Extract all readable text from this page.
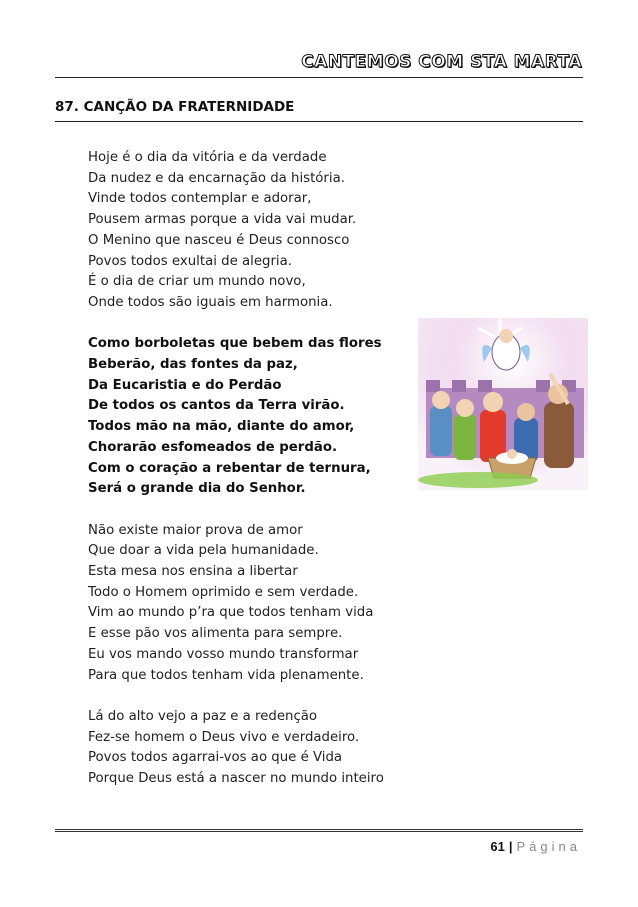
CANTEMOS COM STA MARTA
87. CANÇÃO DA FRATERNIDADE
Hoje é o dia da vitória e da verdade
Da nudez e da encarnação da história.
Vinde todos contemplar e adorar,
Pousem armas porque a vida vai mudar.
O Menino que nasceu é Deus connosco
Povos todos exultai de alegria.
É o dia de criar um mundo novo,
Onde todos são iguais em harmonia.
Como borboletas que bebem das flores
Beberão, das fontes da paz,
Da Eucaristia e do Perdão
De todos os cantos da Terra virão.
Todos mão na mão, diante do amor,
Chorarão esfomeados de perdão.
Com o coração a rebentar de ternura,
Será o grande dia do Senhor.
Não existe maior prova de amor
Que doar a vida pela humanidade.
Esta mesa nos ensina a libertar
Todo o Homem oprimido e sem verdade.
Vim ao mundo p’ra que todos tenham vida
E esse pão vos alimenta para sempre.
Eu vos mando vosso mundo transformar
Para que todos tenham vida plenamente.
Lá do alto vejo a paz e a redenção
Fez-se homem o Deus vivo e verdadeiro.
Povos todos agarrai-vos ao que é Vida
Porque Deus está a nascer no mundo inteiro
61 | Página
